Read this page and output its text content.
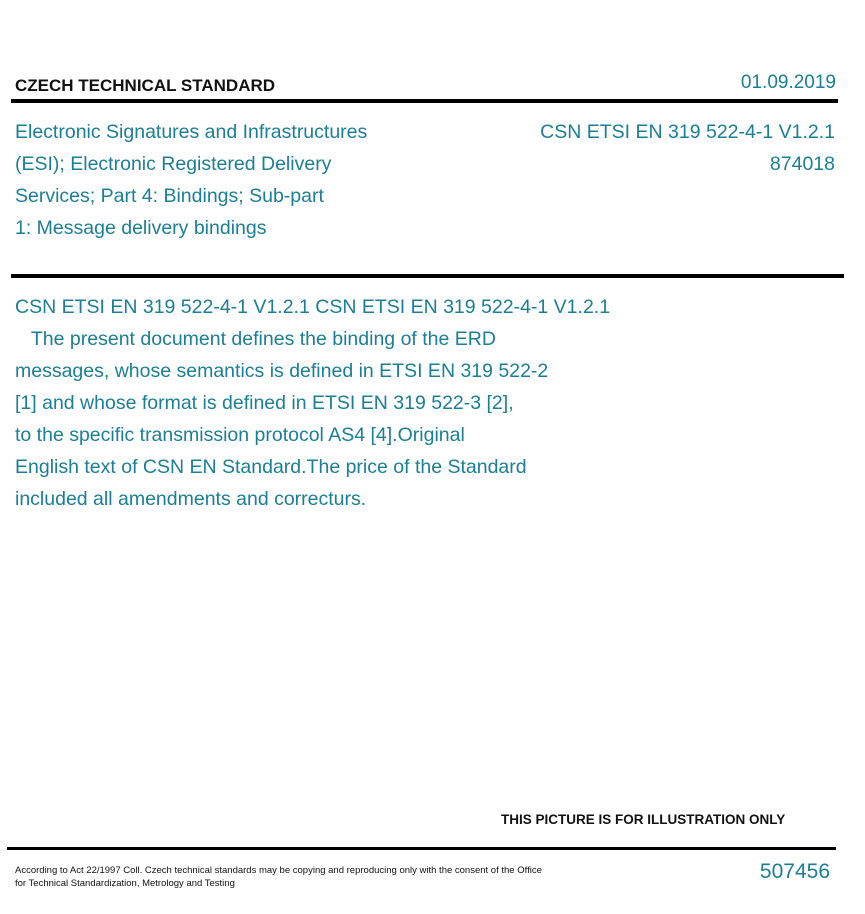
CZECH TECHNICAL STANDARD	01.09.2019
Electronic Signatures and Infrastructures
(ESI); Electronic Registered Delivery
Services; Part 4: Bindings; Sub-part
1: Message delivery bindings
CSN ETSI EN 319 522-4-1 V1.2.1
874018
CSN ETSI EN 319 522-4-1 V1.2.1 CSN ETSI EN 319 522-4-1 V1.2.1
The present document defines the binding of the ERD
messages, whose semantics is defined in ETSI EN 319 522-2
[1] and whose format is defined in ETSI EN 319 522-3 [2],
to the specific transmission protocol AS4 [4].Original
English text of CSN EN Standard.The price of the Standard
included all amendments and correcturs.
THIS PICTURE IS FOR ILLUSTRATION ONLY
According to Act 22/1997 Coll. Czech technical standards may be copying and reproducing only with the consent of the Office
for Technical Standardization, Metrology and Testing
507456
